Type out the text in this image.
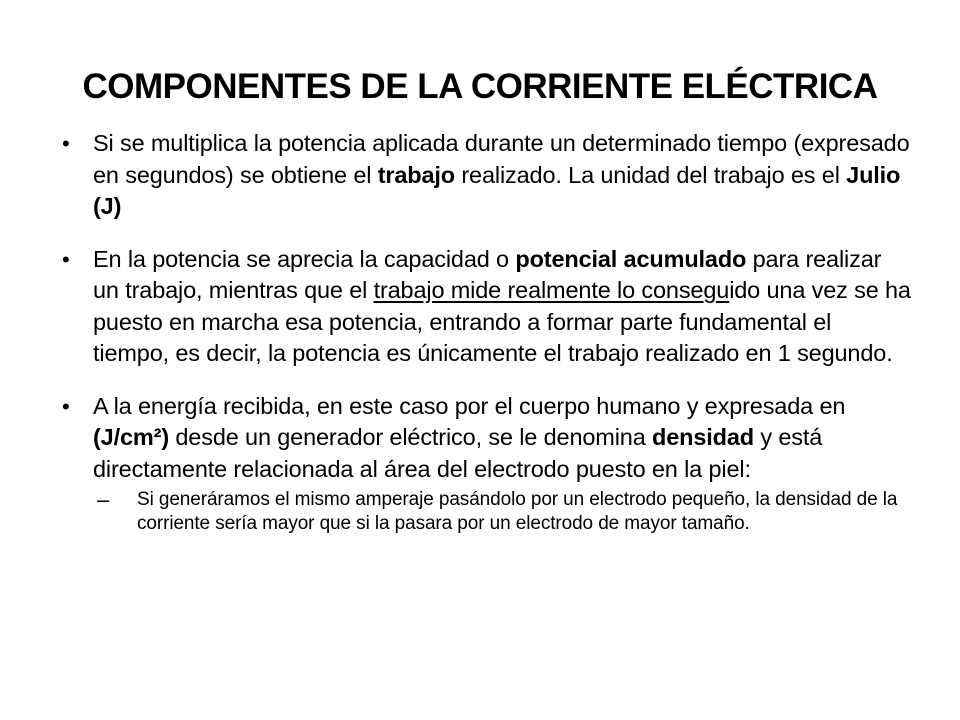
COMPONENTES DE LA CORRIENTE ELÉCTRICA
• Si se multiplica la potencia aplicada durante un determinado tiempo (expresado en segundos) se obtiene el trabajo realizado. La unidad del trabajo es el Julio (J)
• En la potencia se aprecia la capacidad o potencial acumulado para realizar un trabajo, mientras que el trabajo mide realmente lo conseguido una vez se ha puesto en marcha esa potencia, entrando a formar parte fundamental el tiempo, es decir, la potencia es únicamente el trabajo realizado en 1 segundo.
• A la energía recibida, en este caso por el cuerpo humano y expresada en (J/cm²) desde un generador eléctrico, se le denomina densidad y está directamente relacionada al área del electrodo puesto en la piel:
– Si generáramos el mismo amperaje pasándolo por un electrodo pequeño, la densidad de la corriente sería mayor que si la pasara por un electrodo de mayor tamaño.
